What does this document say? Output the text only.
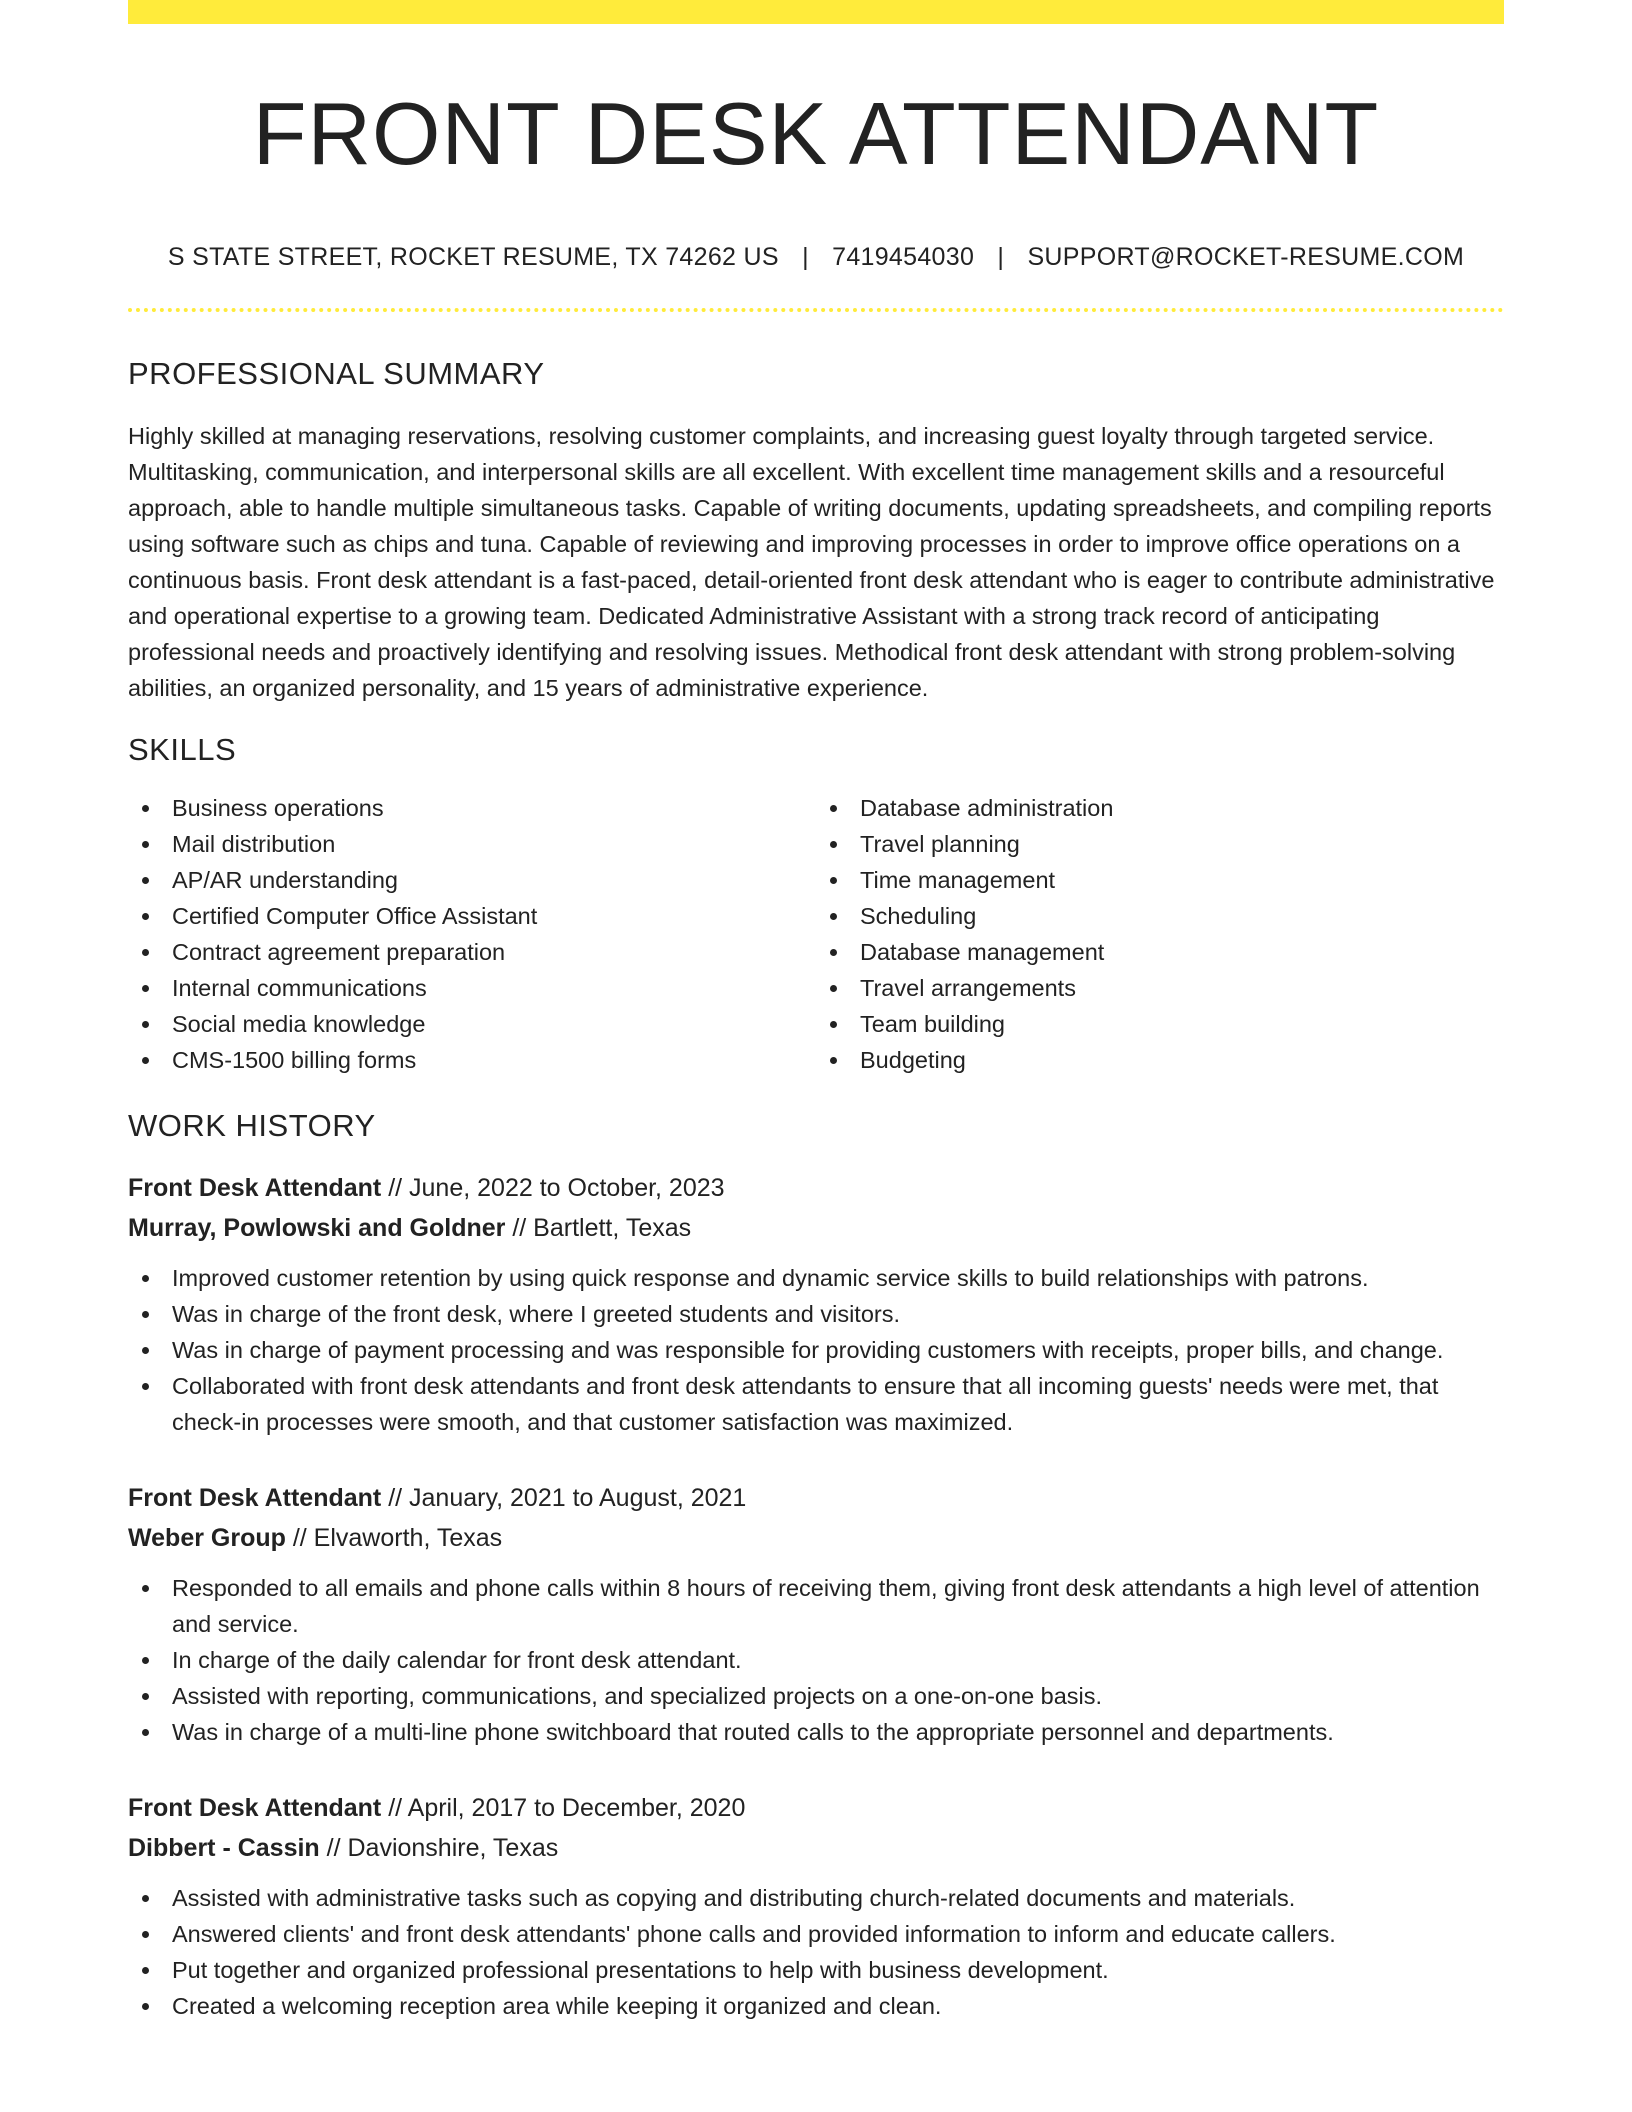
FRONT DESK ATTENDANT
S STATE STREET, ROCKET RESUME, TX 74262 US | 7419454030 | SUPPORT@ROCKET-RESUME.COM
PROFESSIONAL SUMMARY
Highly skilled at managing reservations, resolving customer complaints, and increasing guest loyalty through targeted service. Multitasking, communication, and interpersonal skills are all excellent. With excellent time management skills and a resourceful approach, able to handle multiple simultaneous tasks. Capable of writing documents, updating spreadsheets, and compiling reports using software such as chips and tuna. Capable of reviewing and improving processes in order to improve office operations on a continuous basis. Front desk attendant is a fast-paced, detail-oriented front desk attendant who is eager to contribute administrative and operational expertise to a growing team. Dedicated Administrative Assistant with a strong track record of anticipating professional needs and proactively identifying and resolving issues. Methodical front desk attendant with strong problem-solving abilities, an organized personality, and 15 years of administrative experience.
SKILLS
Business operations
Mail distribution
AP/AR understanding
Certified Computer Office Assistant
Contract agreement preparation
Internal communications
Social media knowledge
CMS-1500 billing forms
Database administration
Travel planning
Time management
Scheduling
Database management
Travel arrangements
Team building
Budgeting
WORK HISTORY
Front Desk Attendant // June, 2022 to October, 2023
Murray, Powlowski and Goldner // Bartlett, Texas
Improved customer retention by using quick response and dynamic service skills to build relationships with patrons.
Was in charge of the front desk, where I greeted students and visitors.
Was in charge of payment processing and was responsible for providing customers with receipts, proper bills, and change.
Collaborated with front desk attendants and front desk attendants to ensure that all incoming guests' needs were met, that check-in processes were smooth, and that customer satisfaction was maximized.
Front Desk Attendant // January, 2021 to August, 2021
Weber Group // Elvaworth, Texas
Responded to all emails and phone calls within 8 hours of receiving them, giving front desk attendants a high level of attention and service.
In charge of the daily calendar for front desk attendant.
Assisted with reporting, communications, and specialized projects on a one-on-one basis.
Was in charge of a multi-line phone switchboard that routed calls to the appropriate personnel and departments.
Front Desk Attendant // April, 2017 to December, 2020
Dibbert - Cassin // Davionshire, Texas
Assisted with administrative tasks such as copying and distributing church-related documents and materials.
Answered clients' and front desk attendants' phone calls and provided information to inform and educate callers.
Put together and organized professional presentations to help with business development.
Created a welcoming reception area while keeping it organized and clean.
